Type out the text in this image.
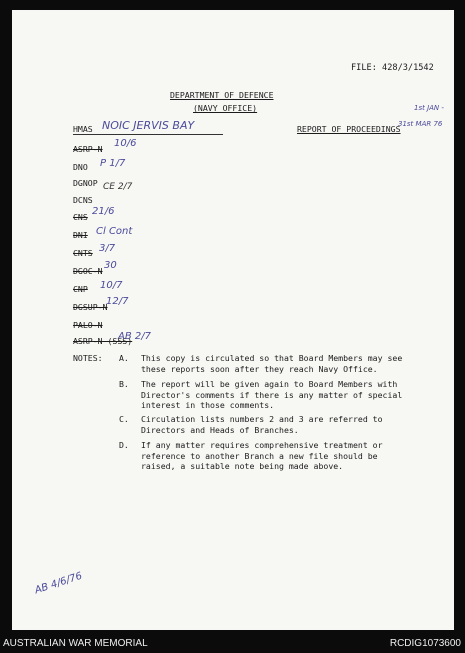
FILE: 428/3/1542
DEPARTMENT OF DEFENCE
(NAVY OFFICE)
HMAS NOIC JERVIS BAY	REPORT OF PROCEEDINGS
1st JAN -
31st MAR 76
ASRP-N 10/6
DNO P 1/7
DGNOP CE 2/7
DCNS
CNS 21/6
DNI Cl Cont
CNTS 3/7
DGOC-N 30
CNP 10/7
DGSUP-N
12/7
PALO-N
ASRP-N (SSS)
AB 2/7
NOTES: A. This copy is circulated so that Board Members may see
these reports soon after they reach Navy Office.
B. The report will be given again to Board Members with
Director's comments if there is any matter of special
interest in those comments.
C. Circulation lists numbers 2 and 3 are referred to
Directors and Heads of Branches.
D. If any matter requires comprehensive treatment or
reference to another Branch a new file should be
raised, a suitable note being made above.
AB 4/6/76
AUSTRALIAN WAR MEMORIAL	RCDIG1073600
